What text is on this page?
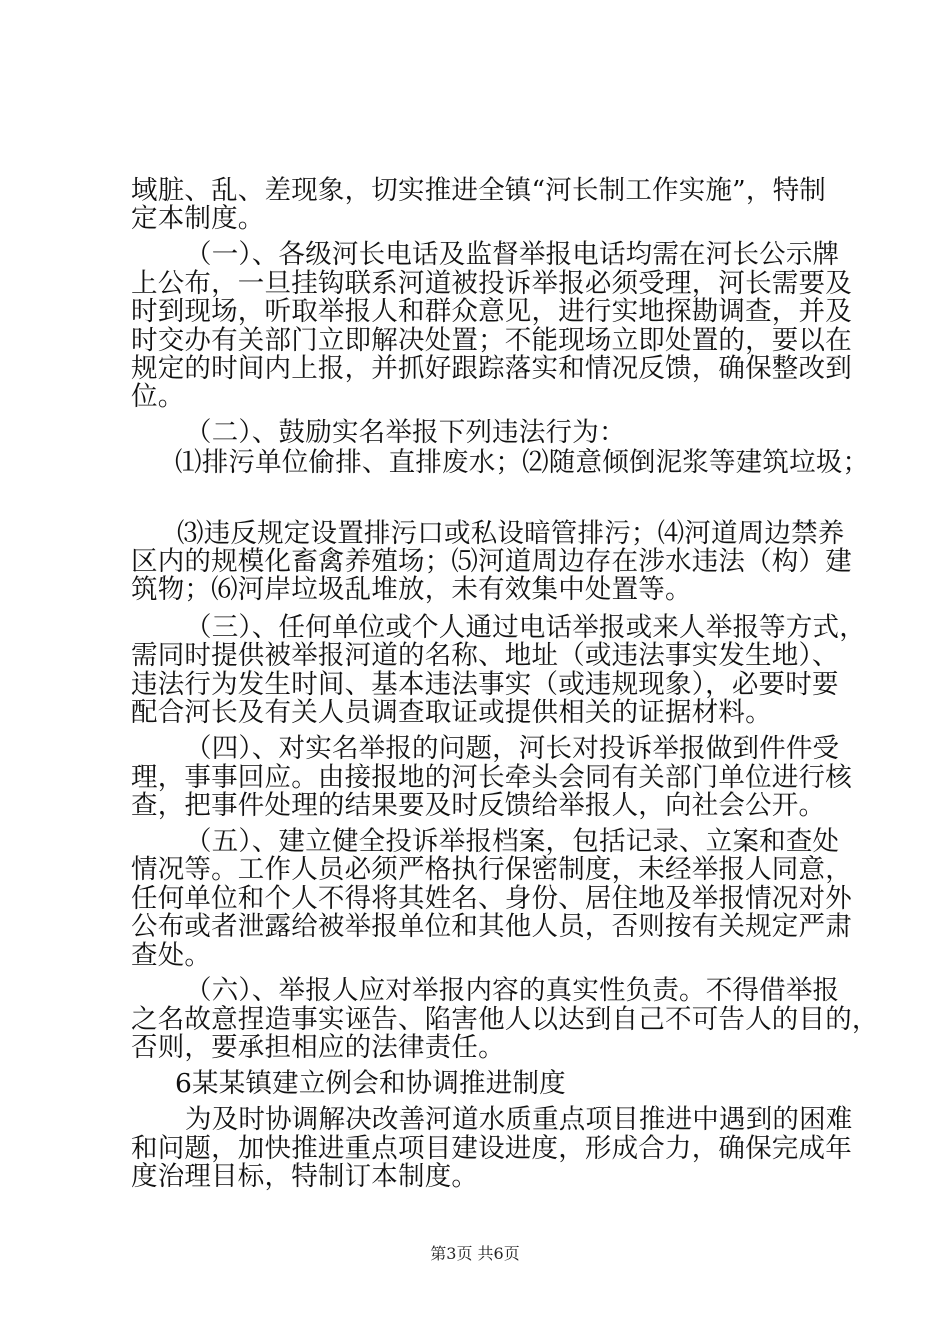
域脏、乱、差现象，切实推进全镇“河长制工作实施”，特制
定本制度。
（一）、各级河长电话及监督举报电话均需在河长公示牌
上公布，一旦挂钩联系河道被投诉举报必须受理，河长需要及
时到现场，听取举报人和群众意见，进行实地探勘调查，并及
时交办有关部门立即解决处置；不能现场立即处置的，要以在
规定的时间内上报，并抓好跟踪落实和情况反馈，确保整改到
位。
（二）、鼓励实名举报下列违法行为：
⑴排污单位偷排、直排废水；⑵随意倾倒泥浆等建筑垃圾；
⑶违反规定设置排污口或私设暗管排污；⑷河道周边禁养
区内的规模化畜禽养殖场；⑸河道周边存在涉水违法（构）建
筑物；⑹河岸垃圾乱堆放，未有效集中处置等。
（三）、任何单位或个人通过电话举报或来人举报等方式，
需同时提供被举报河道的名称、地址（或违法事实发生地）、
违法行为发生时间、基本违法事实（或违规现象），必要时要
配合河长及有关人员调查取证或提供相关的证据材料。
（四）、对实名举报的问题，河长对投诉举报做到件件受
理，事事回应。由接报地的河长牵头会同有关部门单位进行核
查，把事件处理的结果要及时反馈给举报人，向社会公开。
（五）、建立健全投诉举报档案，包括记录、立案和查处
情况等。工作人员必须严格执行保密制度，未经举报人同意，
任何单位和个人不得将其姓名、身份、居住地及举报情况对外
公布或者泄露给被举报单位和其他人员，否则按有关规定严肃
查处。
（六）、举报人应对举报内容的真实性负责。不得借举报
之名故意捏造事实诬告、陷害他人以达到自己不可告人的目的，
否则，要承担相应的法律责任。
6某某镇建立例会和协调推进制度
为及时协调解决改善河道水质重点项目推进中遇到的困难
和问题，加快推进重点项目建设进度，形成合力，确保完成年
度治理目标，特制订本制度。
第3页 共6页
